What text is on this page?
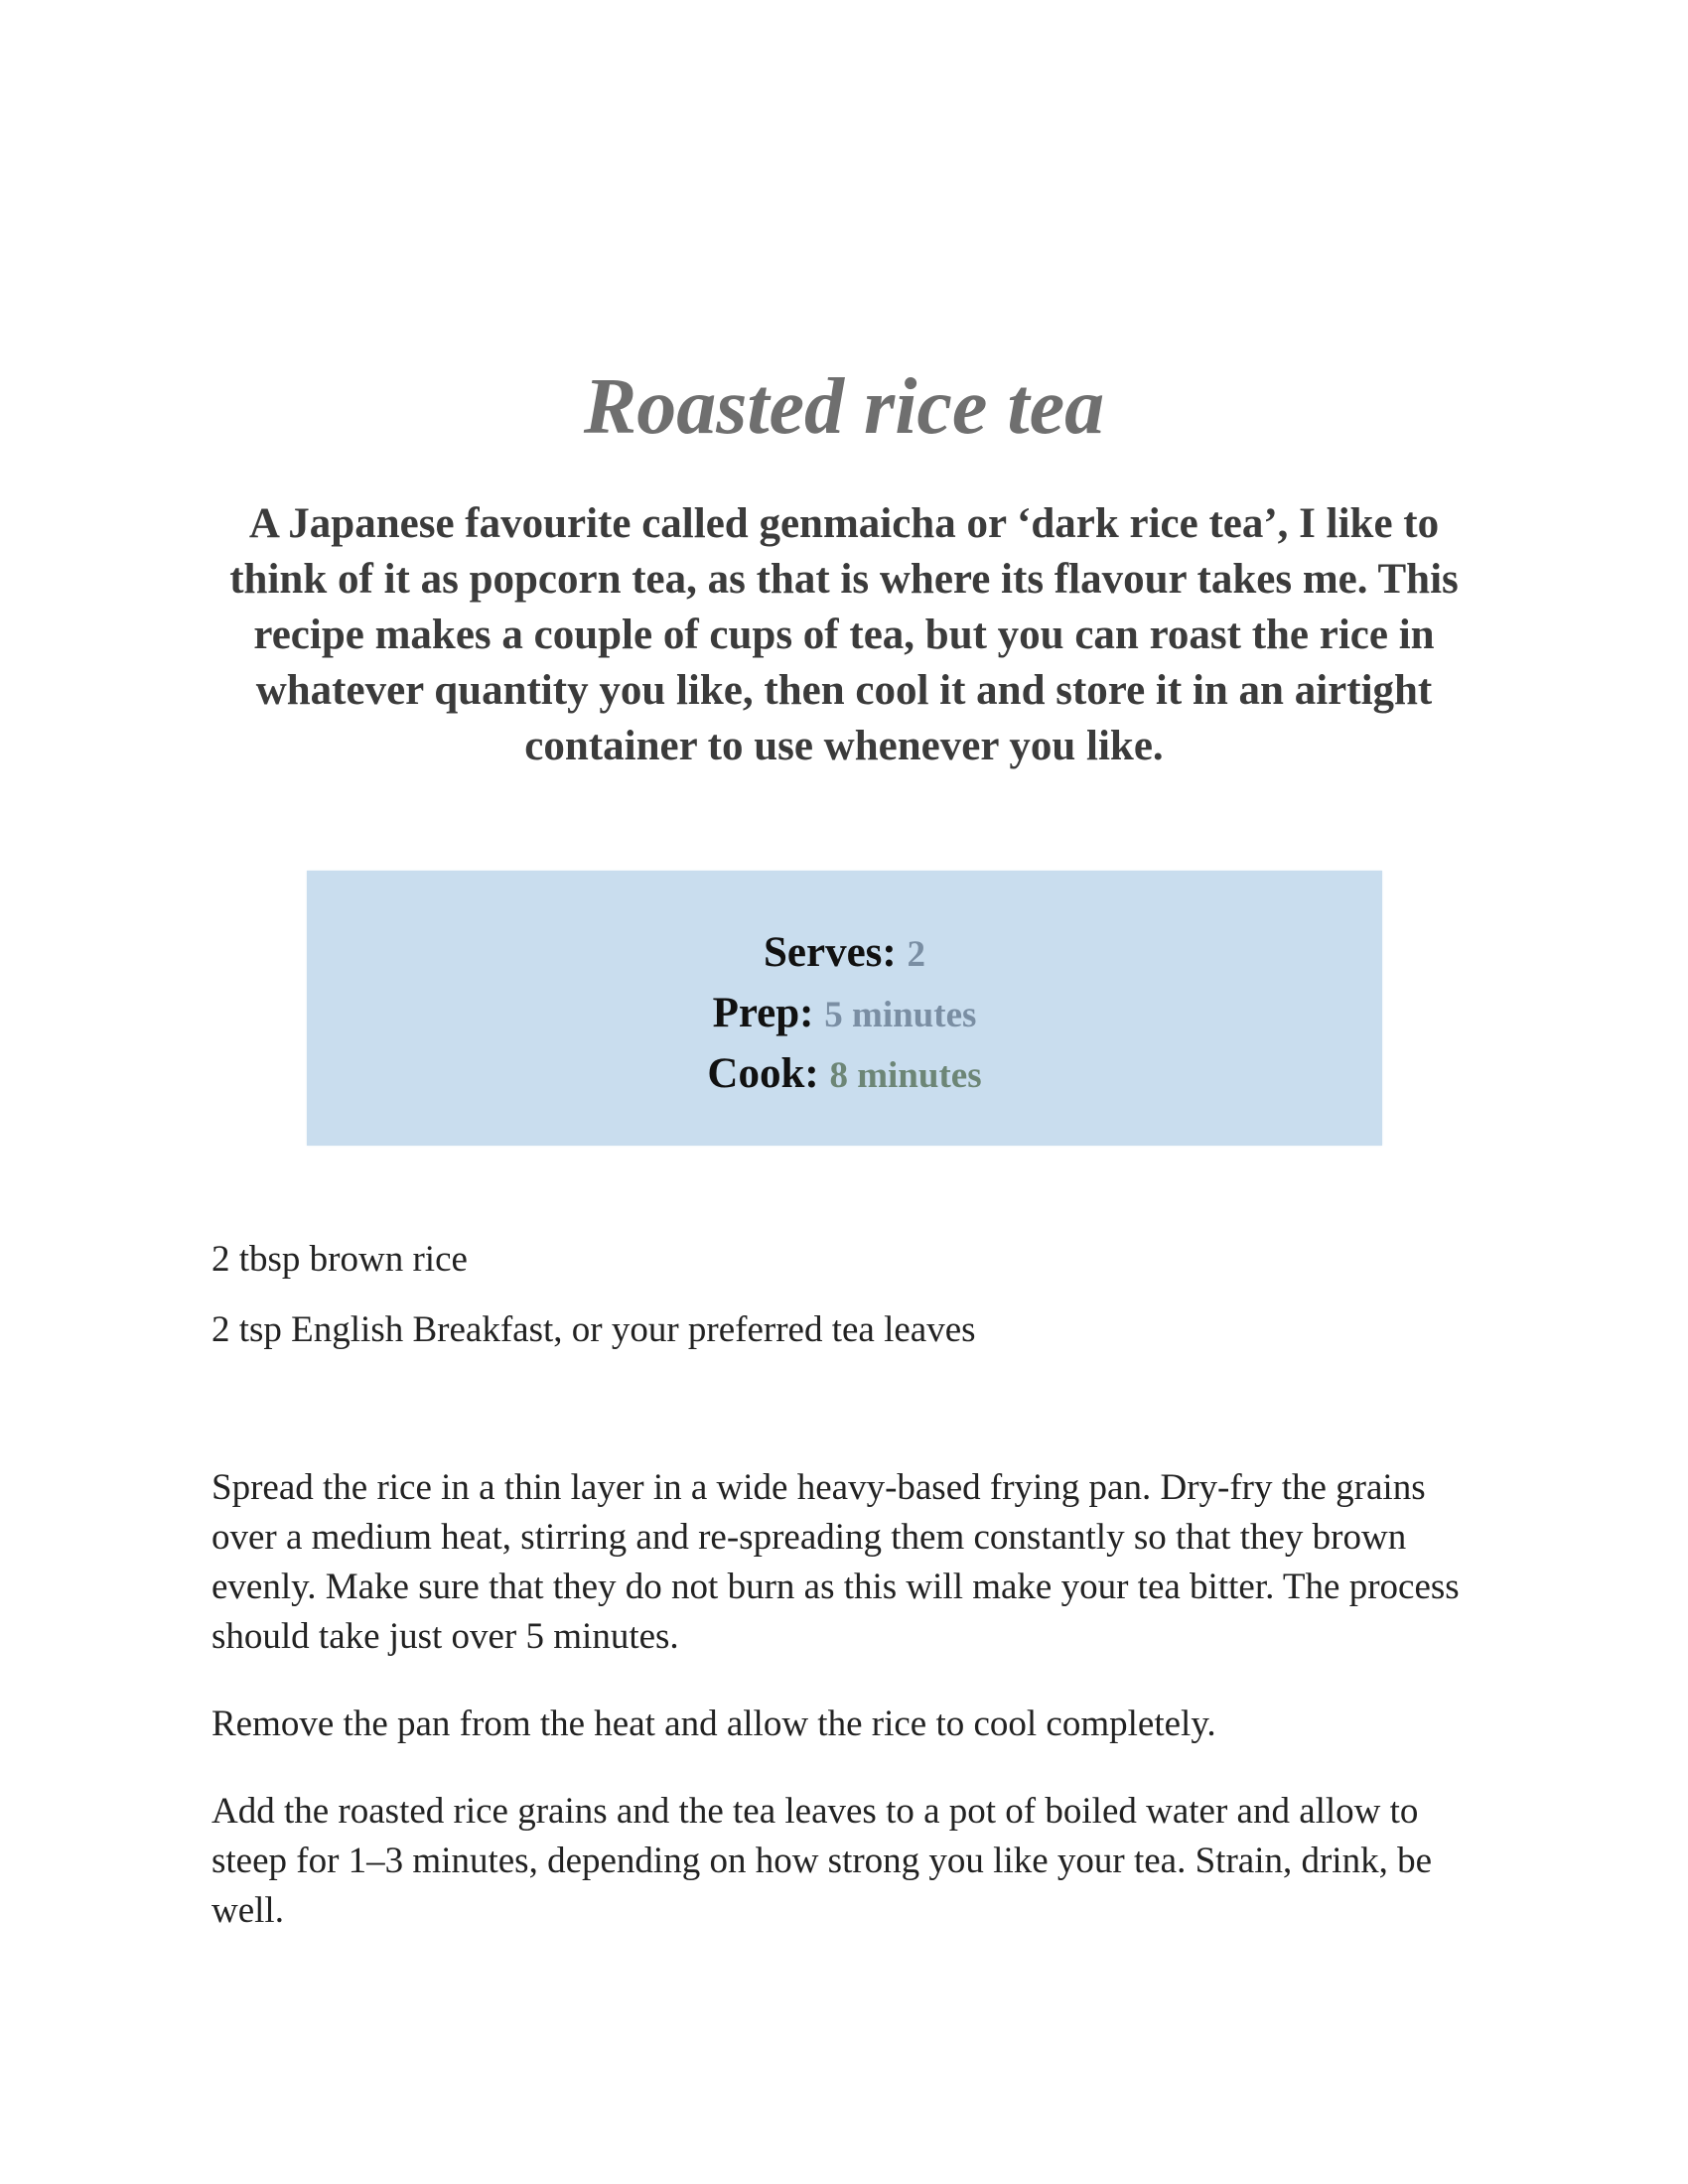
Roasted rice tea

A Japanese favourite called genmaicha or ‘dark rice tea’, I like to think of it as popcorn tea, as that is where its flavour takes me. This recipe makes a couple of cups of tea, but you can roast the rice in whatever quantity you like, then cool it and store it in an airtight container to use whenever you like.

Serves: 2
Prep: 5 minutes
Cook: 8 minutes

2 tbsp brown rice

2 tsp English Breakfast, or your preferred tea leaves

Spread the rice in a thin layer in a wide heavy-based frying pan. Dry-fry the grains over a medium heat, stirring and re-spreading them constantly so that they brown evenly. Make sure that they do not burn as this will make your tea bitter. The process should take just over 5 minutes.

Remove the pan from the heat and allow the rice to cool completely.

Add the roasted rice grains and the tea leaves to a pot of boiled water and allow to steep for 1–3 minutes, depending on how strong you like your tea. Strain, drink, be well.
